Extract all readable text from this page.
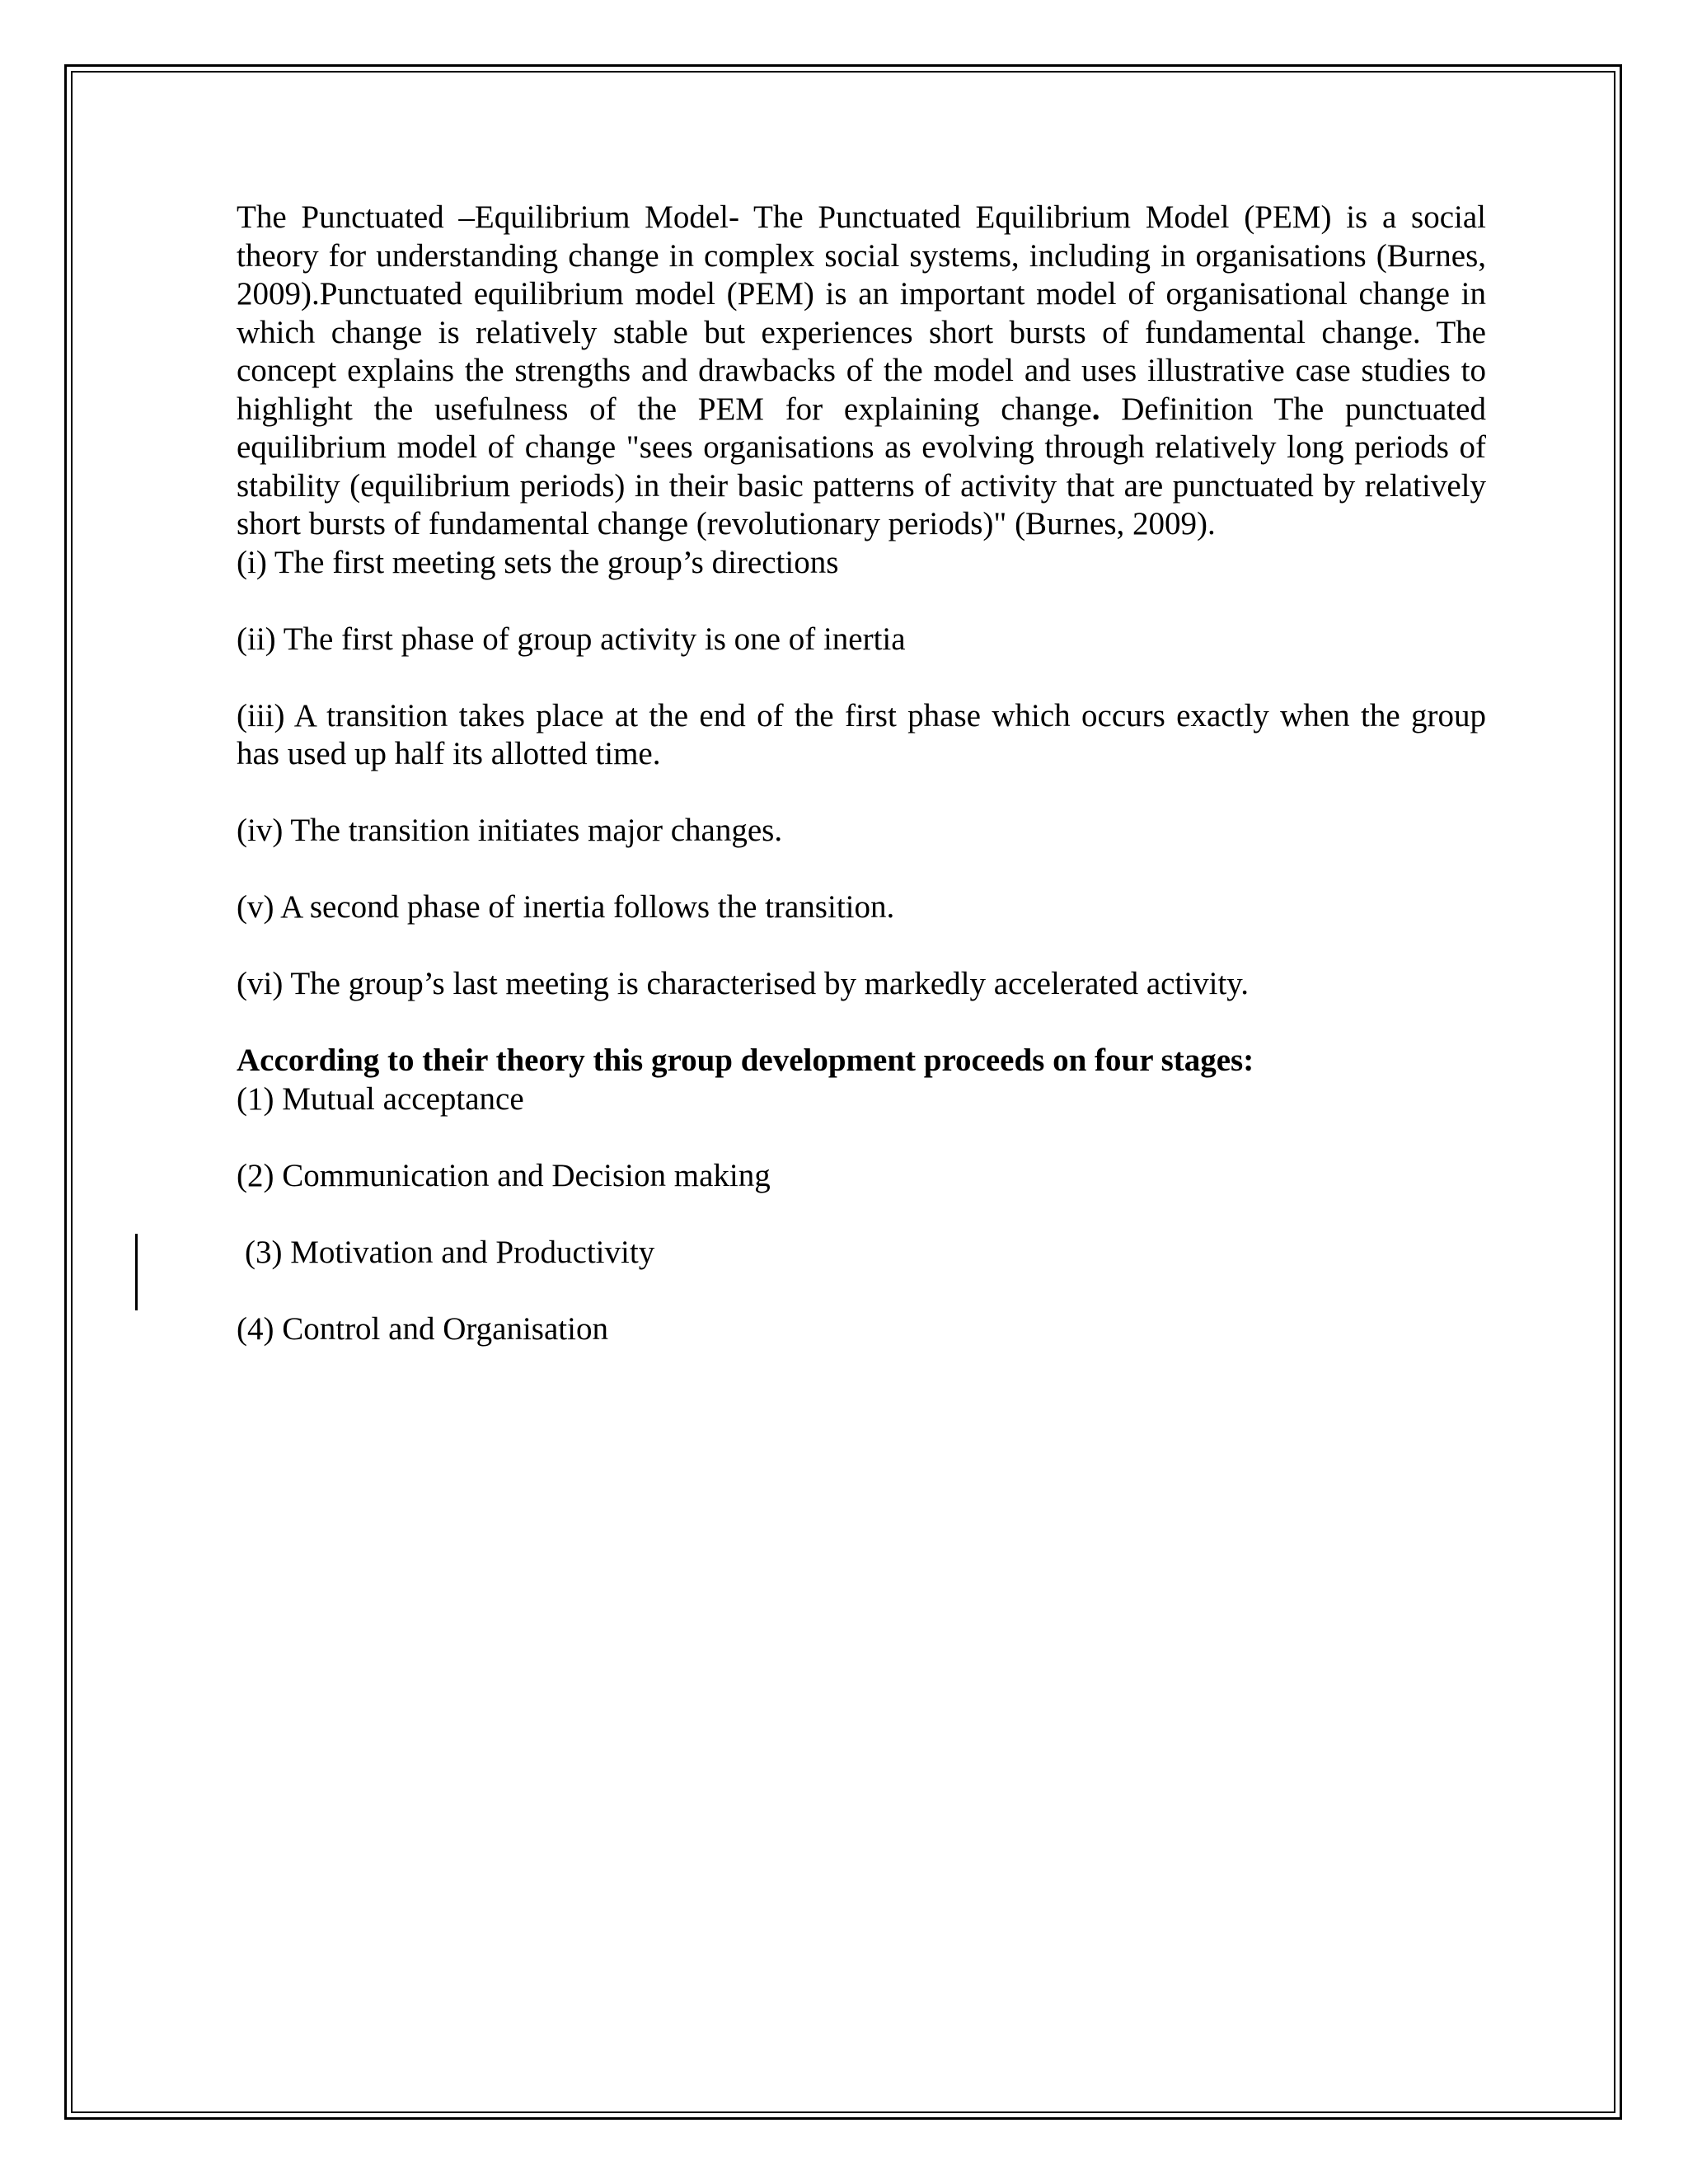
The Punctuated –Equilibrium Model- The Punctuated Equilibrium Model (PEM) is a social theory for understanding change in complex social systems, including in organisations (Burnes, 2009).Punctuated equilibrium model (PEM) is an important model of organisational change in which change is relatively stable but experiences short bursts of fundamental change. The concept explains the strengths and drawbacks of the model and uses illustrative case studies to highlight the usefulness of the PEM for explaining change. Definition The punctuated equilibrium model of change "sees organisations as evolving through relatively long periods of stability (equilibrium periods) in their basic patterns of activity that are punctuated by relatively short bursts of fundamental change (revolutionary periods)" (Burnes, 2009).

(i) The first meeting sets the group’s directions
(ii) The first phase of group activity is one of inertia
(iii) A transition takes place at the end of the first phase which occurs exactly when the group has used up half its allotted time.
(iv) The transition initiates major changes.
(v) A second phase of inertia follows the transition.
(vi) The group’s last meeting is characterised by markedly accelerated activity.
According to their theory this group development proceeds on four stages:
(1) Mutual acceptance
(2) Communication and Decision making
(3) Motivation and Productivity
(4) Control and Organisation
